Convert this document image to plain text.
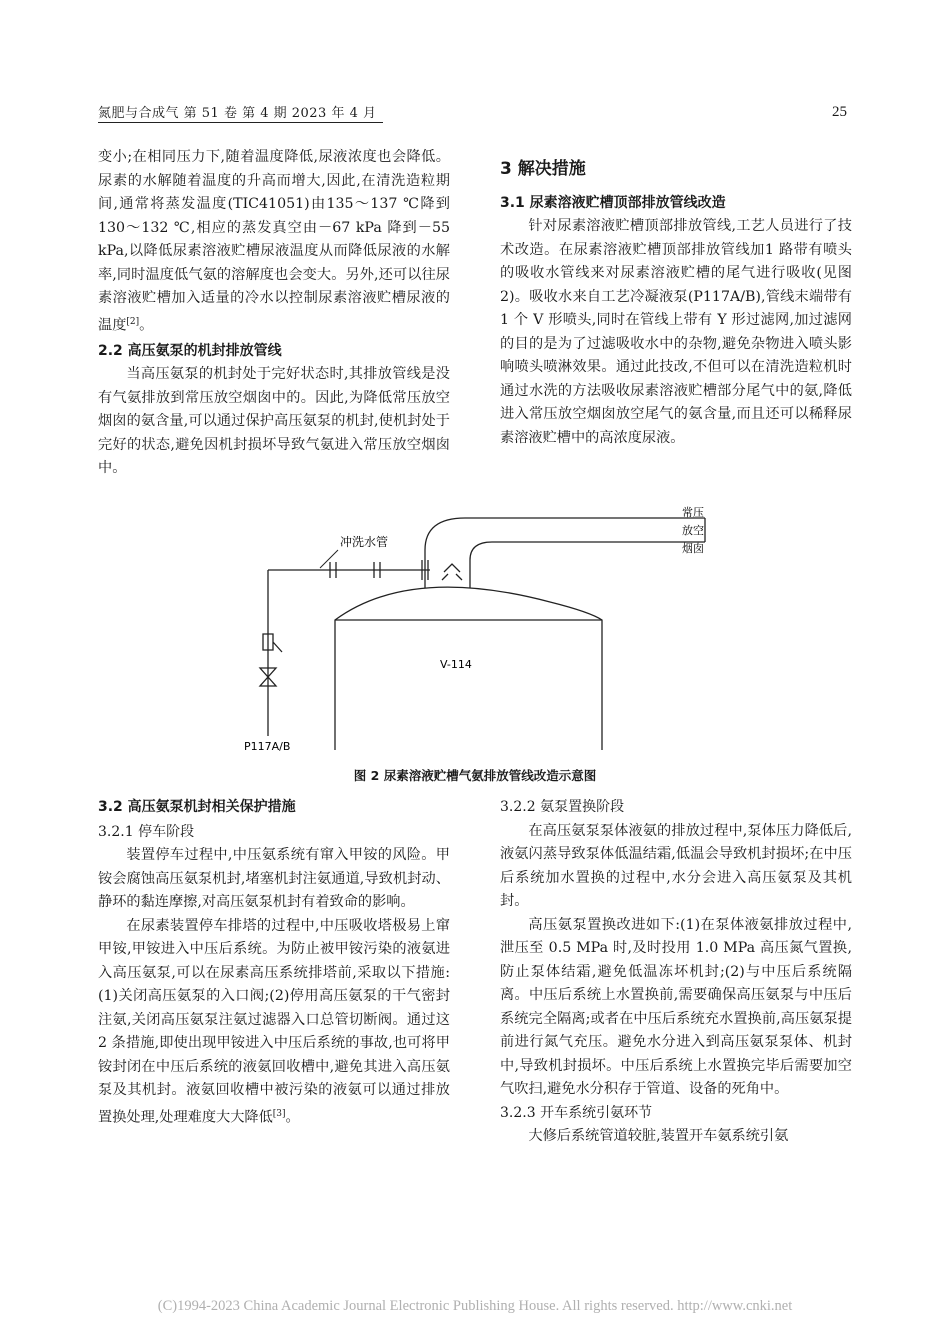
氮肥与合成气 第 51 卷 第 4 期 2023 年 4 月	25

变小;在相同压力下,随着温度降低,尿液浓度也会降低。尿素的水解随着温度的升高而增大,因此,在清洗造粒期间,通常将蒸发温度(TIC41051)由135～137 ℃降到 130～132 ℃,相应的蒸发真空由－67 kPa 降到－55 kPa,以降低尿素溶液贮槽尿液温度从而降低尿液的水解率,同时温度低气氨的溶解度也会变大。另外,还可以往尿素溶液贮槽加入适量的冷水以控制尿素溶液贮槽尿液的温度[2]。

2.2 高压氨泵的机封排放管线

当高压氨泵的机封处于完好状态时,其排放管线是没有气氨排放到常压放空烟囱中的。因此,为降低常压放空烟囱的氨含量,可以通过保护高压氨泵的机封,使机封处于完好的状态,避免因机封损坏导致气氨进入常压放空烟囱中。

3 解决措施
3.1 尿素溶液贮槽顶部排放管线改造

针对尿素溶液贮槽顶部排放管线,工艺人员进行了技术改造。在尿素溶液贮槽顶部排放管线加1 路带有喷头的吸收水管线来对尿素溶液贮槽的尾气进行吸收(见图 2)。吸收水来自工艺冷凝液泵(P117A/B),管线末端带有 1 个 V 形喷头,同时在管线上带有 Y 形过滤网,加过滤网的目的是为了过滤吸收水中的杂物,避免杂物进入喷头影响喷头喷淋效果。通过此技改,不但可以在清洗造粒机时通过水洗的方法吸收尿素溶液贮槽部分尾气中的氨,降低进入常压放空烟囱放空尾气的氨含量,而且还可以稀释尿素溶液贮槽中的高浓度尿液。

常压
放空
烟囱
冲洗水管
V-114
P117A/B
图 2 尿素溶液贮槽气氨排放管线改造示意图
3.2 高压氨泵机封相关保护措施
3.2.1 停车阶段

装置停车过程中,中压氨系统有窜入甲铵的风险。甲铵会腐蚀高压氨泵机封,堵塞机封注氨通道,导致机封动、静环的黏连摩擦,对高压氨泵机封有着致命的影响。

在尿素装置停车排塔的过程中,中压吸收塔极易上窜甲铵,甲铵进入中压后系统。为防止被甲铵污染的液氨进入高压氨泵,可以在尿素高压系统排塔前,采取以下措施:(1)关闭高压氨泵的入口阀;(2)停用高压氨泵的干气密封注氨,关闭高压氨泵注氨过滤器入口总管切断阀。通过这2 条措施,即使出现甲铵进入中压后系统的事故,也可将甲铵封闭在中压后系统的液氨回收槽中,避免其进入高压氨泵及其机封。液氨回收槽中被污染的液氨可以通过排放置换处理,处理难度大大降低[3]。

3.2.2 氨泵置换阶段

在高压氨泵泵体液氨的排放过程中,泵体压力降低后,液氨闪蒸导致泵体低温结霜,低温会导致机封损坏;在中压后系统加水置换的过程中,水分会进入高压氨泵及其机封。

高压氨泵置换改进如下:(1)在泵体液氨排放过程中,泄压至 0.5 MPa 时,及时投用 1.0 MPa 高压氮气置换,防止泵体结霜,避免低温冻坏机封;(2)与中压后系统隔离。中压后系统上水置换前,需要确保高压氨泵与中压后系统完全隔离;或者在中压后系统充水置换前,高压氨泵提前进行氮气充压。避免水分进入到高压氨泵泵体、机封中,导致机封损坏。中压后系统上水置换完毕后需要加空气吹扫,避免水分积存于管道、设备的死角中。

3.2.3 开车系统引氨环节

大修后系统管道较脏,装置开车氨系统引氨

(C)1994-2023 China Academic Journal Electronic Publishing House. All rights reserved. http://www.cnki.net
